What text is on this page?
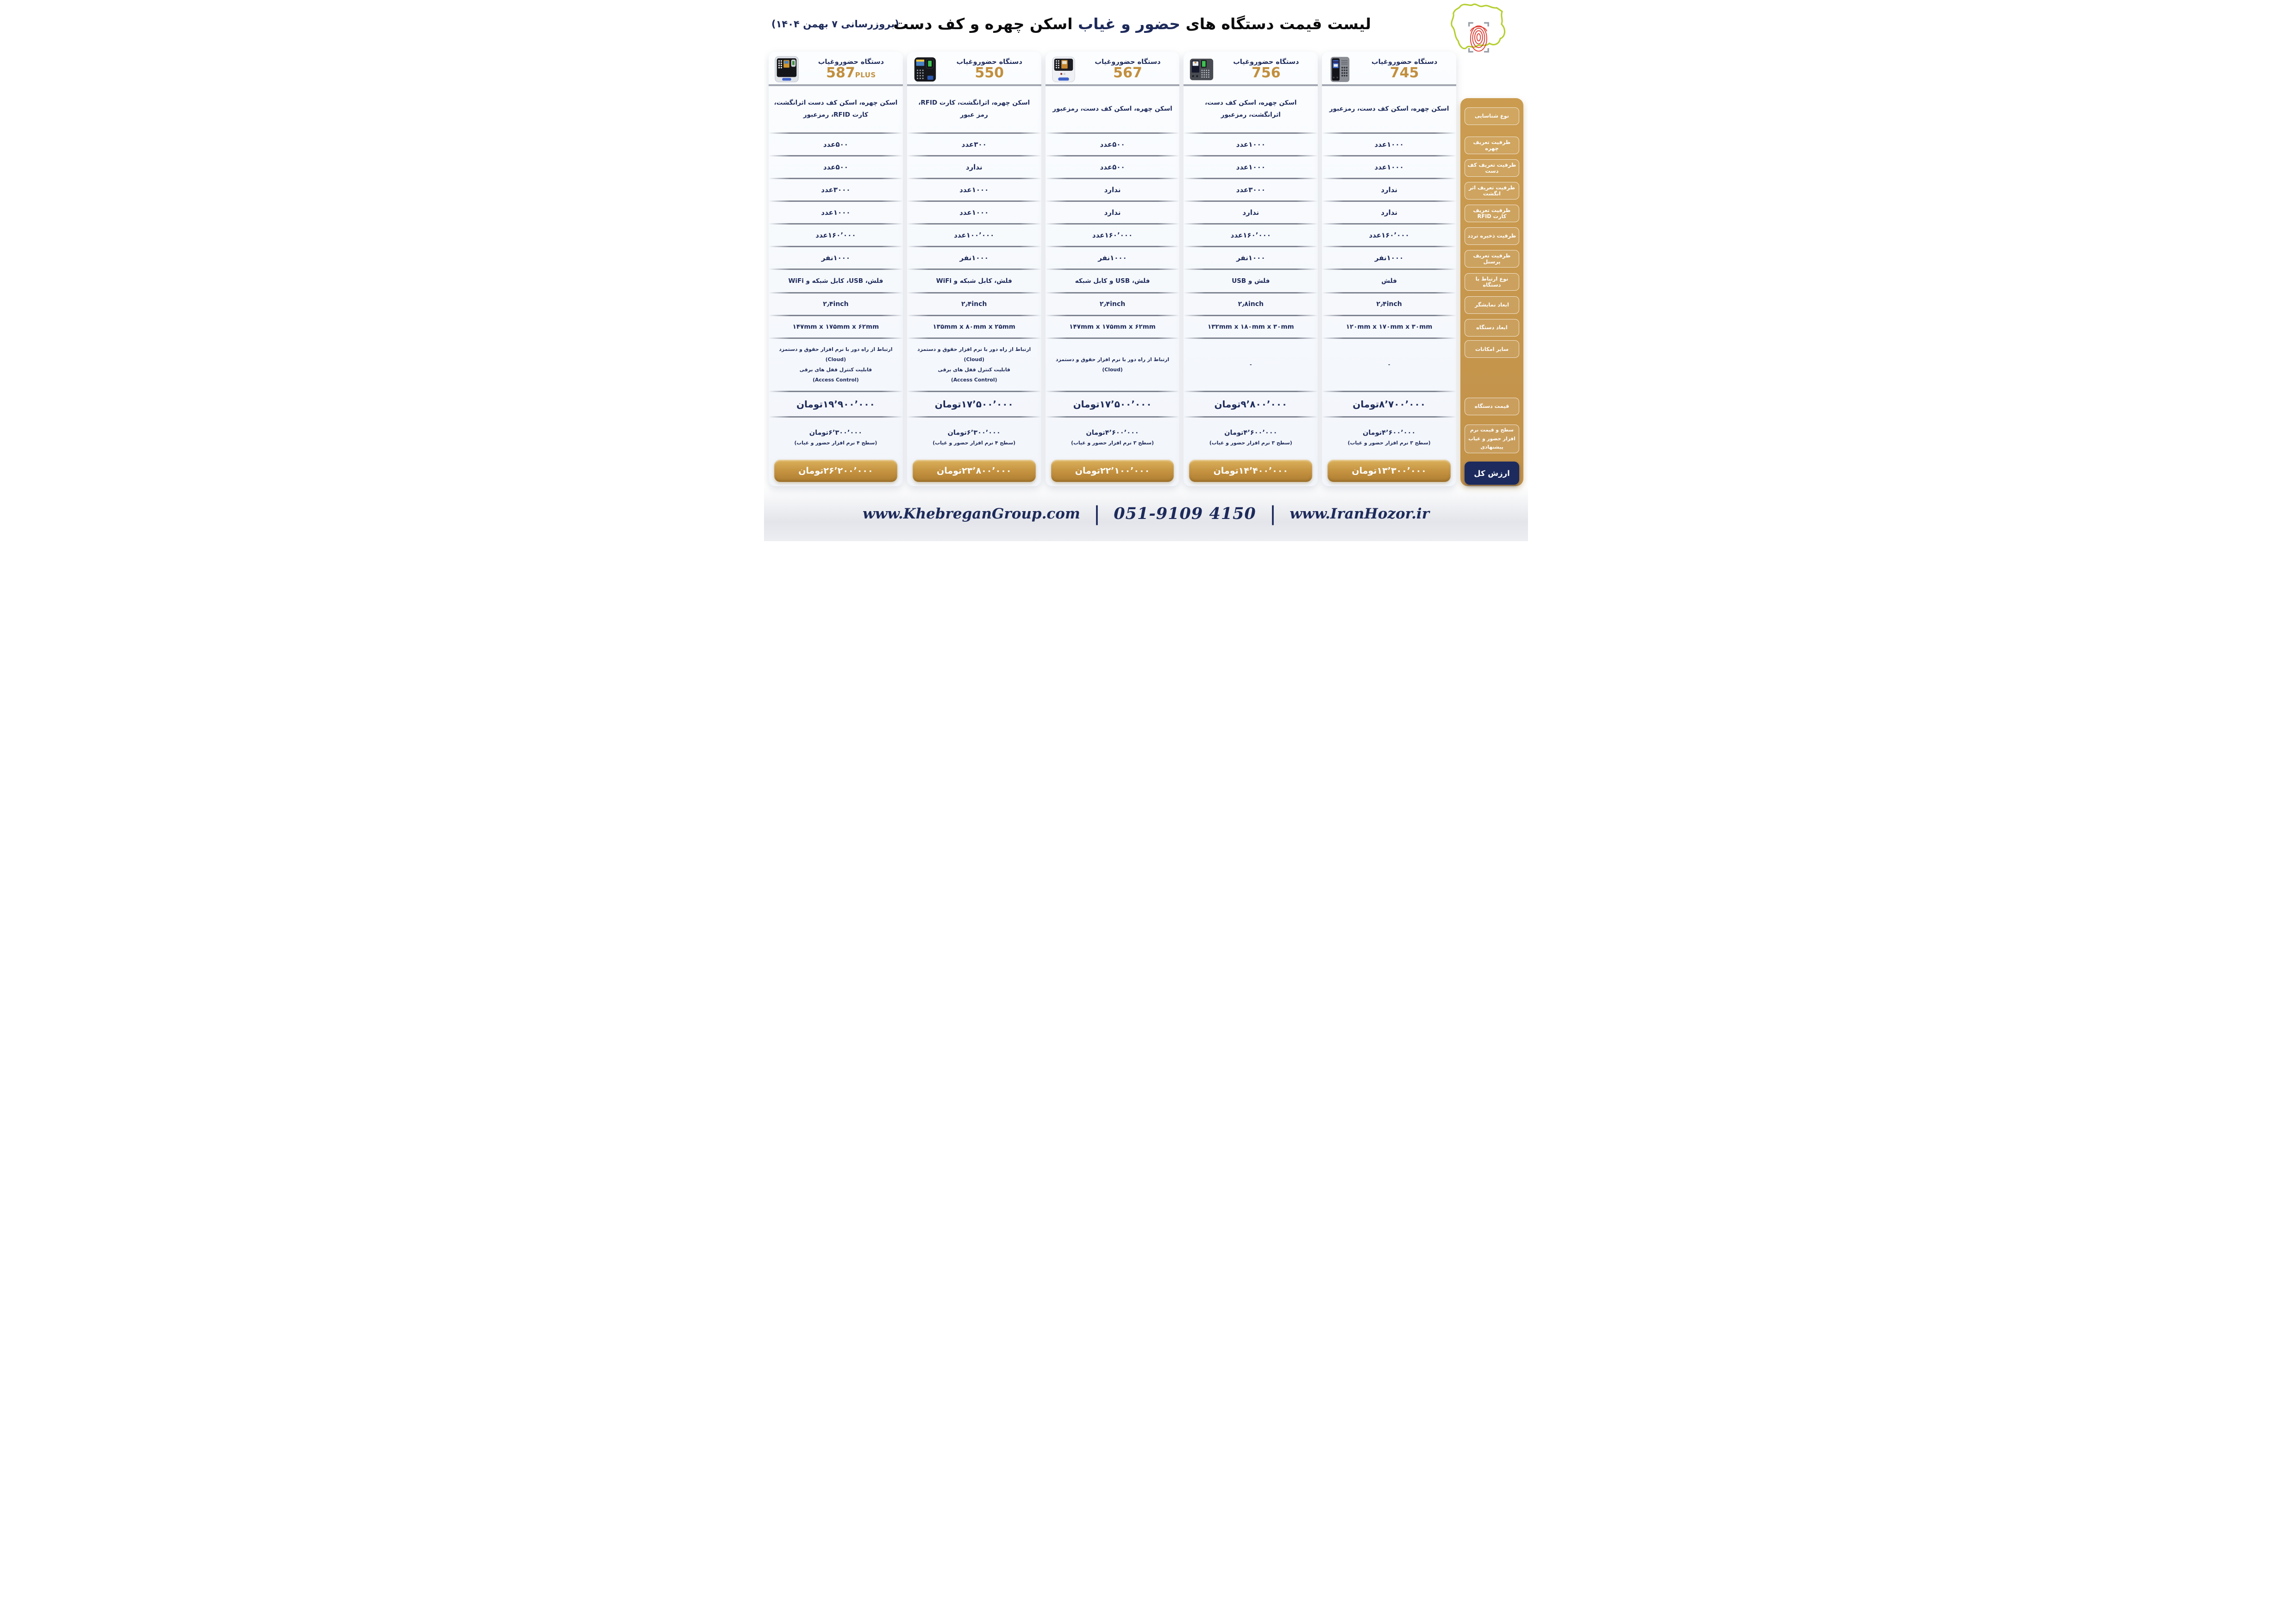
(بروزرسانی ۷ بهمن ۱۴۰۴)	لیست قیمت دستگاه های حضور و غیاب اسکن چهره و کف دست
دستگاه حضوروغیاب
587PLUS
اسکن چهره، اسکن کف دست اثرانگشت، کارت RFID، رمزعبور
۵۰۰عدد
۵۰۰عدد
۳۰۰۰عدد
۱۰۰۰عدد
۱۶۰٬۰۰۰عدد
۱۰۰۰نفر
فلش، USB، کابل شبکه و WiFi
۲٫۴inch
۱۴۷mm x ۱۷۵mm x ۶۲mm
ارتباط از راه دور با نرم افزار حقوق و دستمزد
(Cloud)
قابلیت کنترل قفل های برقی
(Access Control)
۱۹٬۹۰۰٬۰۰۰تومان
۶٬۳۰۰٬۰۰۰تومان
(سطح ۴ نرم افزار حضور و غیاب)
۲۶٬۲۰۰٬۰۰۰تومان
دستگاه حضوروغیاب
550
اسکن چهره، اثرانگشت، کارت RFID، رمز عبور
۳۰۰عدد
ندارد
۱۰۰۰عدد
۱۰۰۰عدد
۱۰۰٬۰۰۰عدد
۱۰۰۰نفر
فلش، کابل شبکه و WiFi
۲٫۴inch
۱۳۵mm x ۸۰mm x ۲۵mm
ارتباط از راه دور با نرم افزار حقوق و دستمزد
(Cloud)
قابلیت کنترل قفل های برقی
(Access Control)
۱۷٬۵۰۰٬۰۰۰تومان
۶٬۳۰۰٬۰۰۰تومان
(سطح ۴ نرم افزار حضور و غیاب)
۲۳٬۸۰۰٬۰۰۰تومان
دستگاه حضوروغیاب
567
اسکن چهره، اسکن کف دست، رمزعبور
۵۰۰عدد
۵۰۰عدد
ندارد
ندارد
۱۶۰٬۰۰۰عدد
۱۰۰۰نفر
فلش، USB و کابل شبکه
۲٫۴inch
۱۴۷mm x ۱۷۵mm x ۶۲mm
ارتباط از راه دور با نرم افزار حقوق و دستمزد
(Cloud)
۱۷٬۵۰۰٬۰۰۰تومان
۴٬۶۰۰٬۰۰۰تومان
(سطح ۳ نرم افزار حضور و غیاب)
۲۲٬۱۰۰٬۰۰۰تومان
دستگاه حضوروغیاب
756
اسکن چهره، اسکن کف دست، اثرانگشت، رمزعبور
۱۰۰۰عدد
۱۰۰۰عدد
۳۰۰۰عدد
ندارد
۱۶۰٬۰۰۰عدد
۱۰۰۰نفر
فلش و USB
۲٫۸inch
۱۳۲mm x ۱۸۰mm x ۳۰mm
-
۹٬۸۰۰٬۰۰۰تومان
۴٬۶۰۰٬۰۰۰تومان
(سطح ۳ نرم افزار حضور و غیاب)
۱۴٬۴۰۰٬۰۰۰تومان
دستگاه حضوروغیاب
745
اسکن چهره، اسکن کف دست، رمزعبور
۱۰۰۰عدد
۱۰۰۰عدد
ندارد
ندارد
۱۶۰٬۰۰۰عدد
۱۰۰۰نفر
فلش
۲٫۴inch
۱۲۰mm x ۱۷۰mm x ۳۰mm
-
۸٬۷۰۰٬۰۰۰تومان
۴٬۶۰۰٬۰۰۰تومان
(سطح ۳ نرم افزار حضور و غیاب)
۱۳٬۳۰۰٬۰۰۰تومان
نوع شناسایی
ظرفیت تعریف چهره
ظرفیت تعریف کف دست
ظرفیت تعریف اثر انگشت
ظرفیت تعریف کارت RFID
ظرفیت ذخیره تردد
ظرفیت تعریف پرسنل
نوع ارتباط با دستگاه
ابعاد نمایشگر
ابعاد دستگاه
سایر امکانات
قیمت دستگاه
سطح و قیمت نرم افزار حضور و غیاب پیشنهادی
ارزش کل
www.KhebreganGroup.com | 051-9109 4150 | www.IranHozor.ir
